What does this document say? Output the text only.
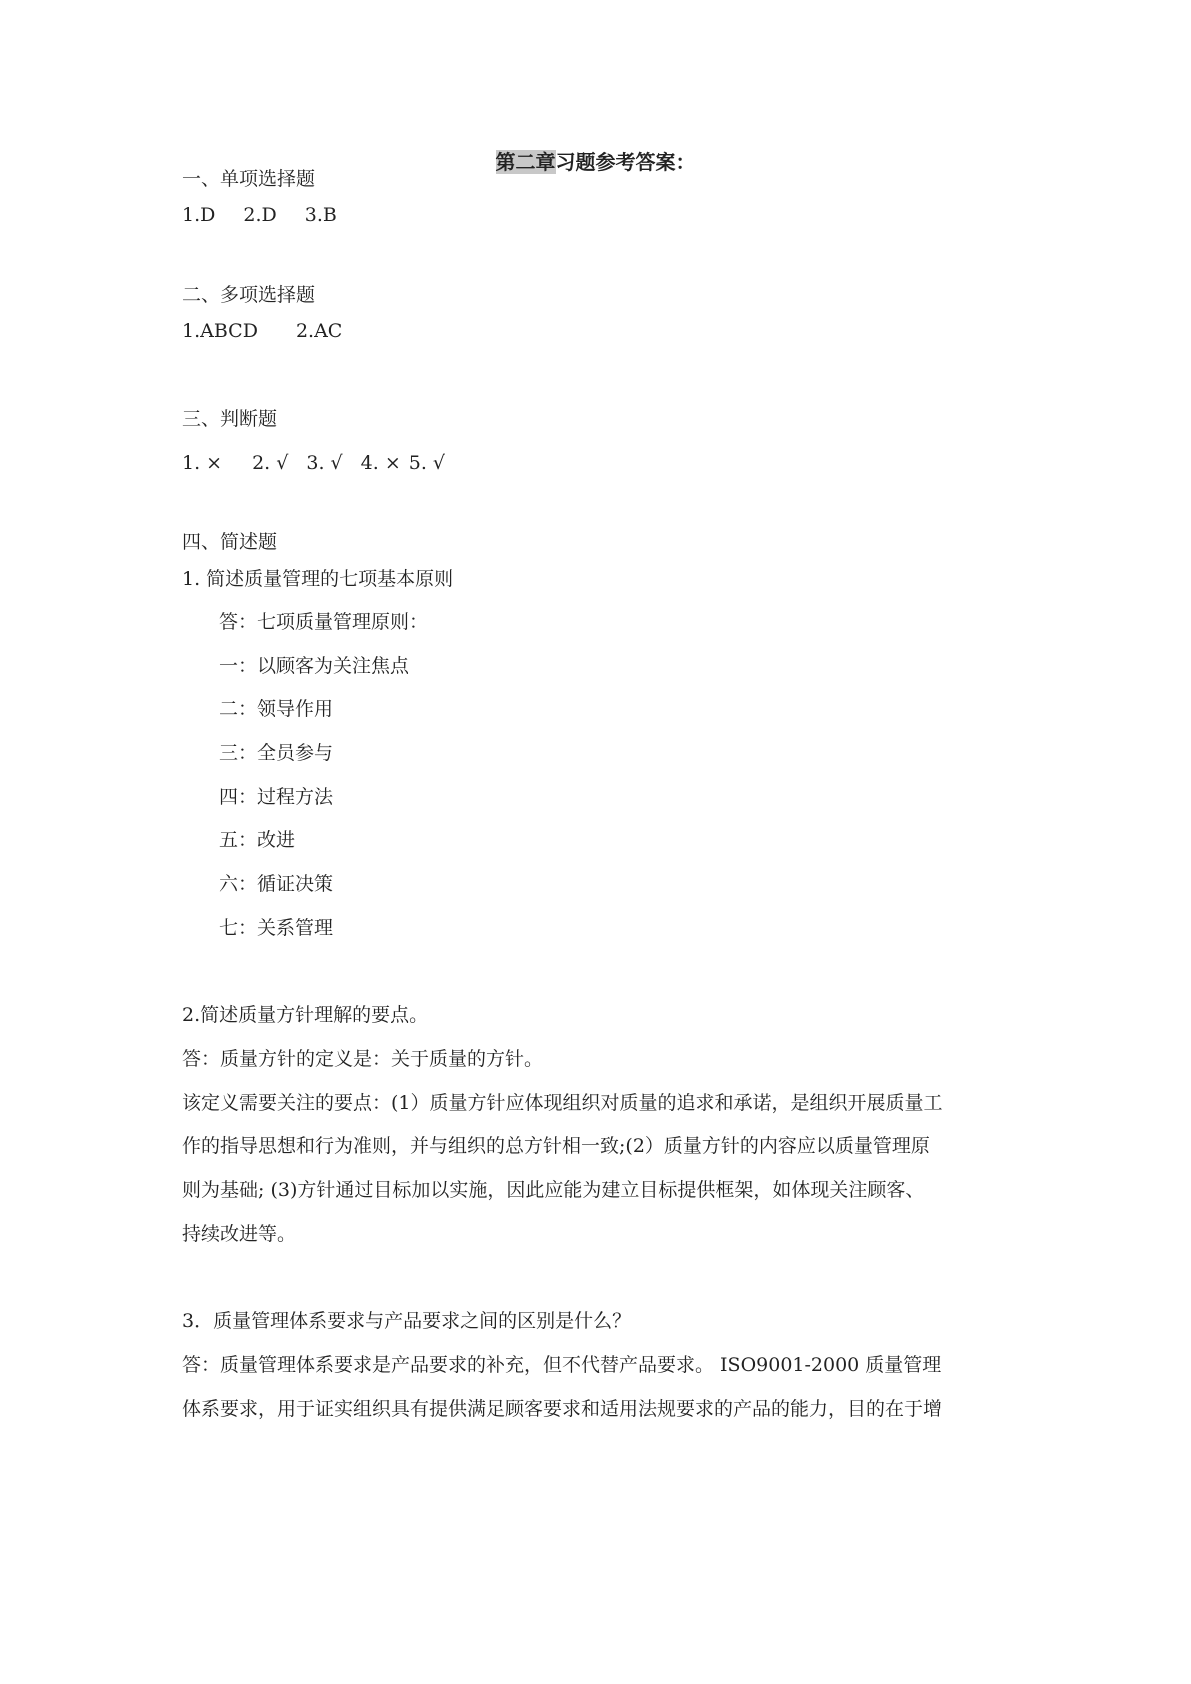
第二章习题参考答案：

一、单项选择题

1.D 2.D 3.B

二、多项选择题

1.ABCD 2.AC

三、判断题

1. × 2. √ 3. √ 4. × 5. √

四、简述题

1. 简述质量管理的七项基本原则

答：七项质量管理原则：

一：以顾客为关注焦点

二：领导作用

三：全员参与

四：过程方法

五：改进

六：循证决策

七：关系管理

2.简述质量方针理解的要点。

答：质量方针的定义是：关于质量的方针。

该定义需要关注的要点：(1）质量方针应体现组织对质量的追求和承诺，是组织开展质量工

作的指导思想和行为准则，并与组织的总方针相一致;(2）质量方针的内容应以质量管理原

则为基础; (3)方针通过目标加以实施，因此应能为建立目标提供框架，如体现关注顾客、

持续改进等。

3．质量管理体系要求与产品要求之间的区别是什么？

答：质量管理体系要求是产品要求的补充，但不代替产品要求。 ISO9001-2000 质量管理

体系要求，用于证实组织具有提供满足顾客要求和适用法规要求的产品的能力，目的在于增
